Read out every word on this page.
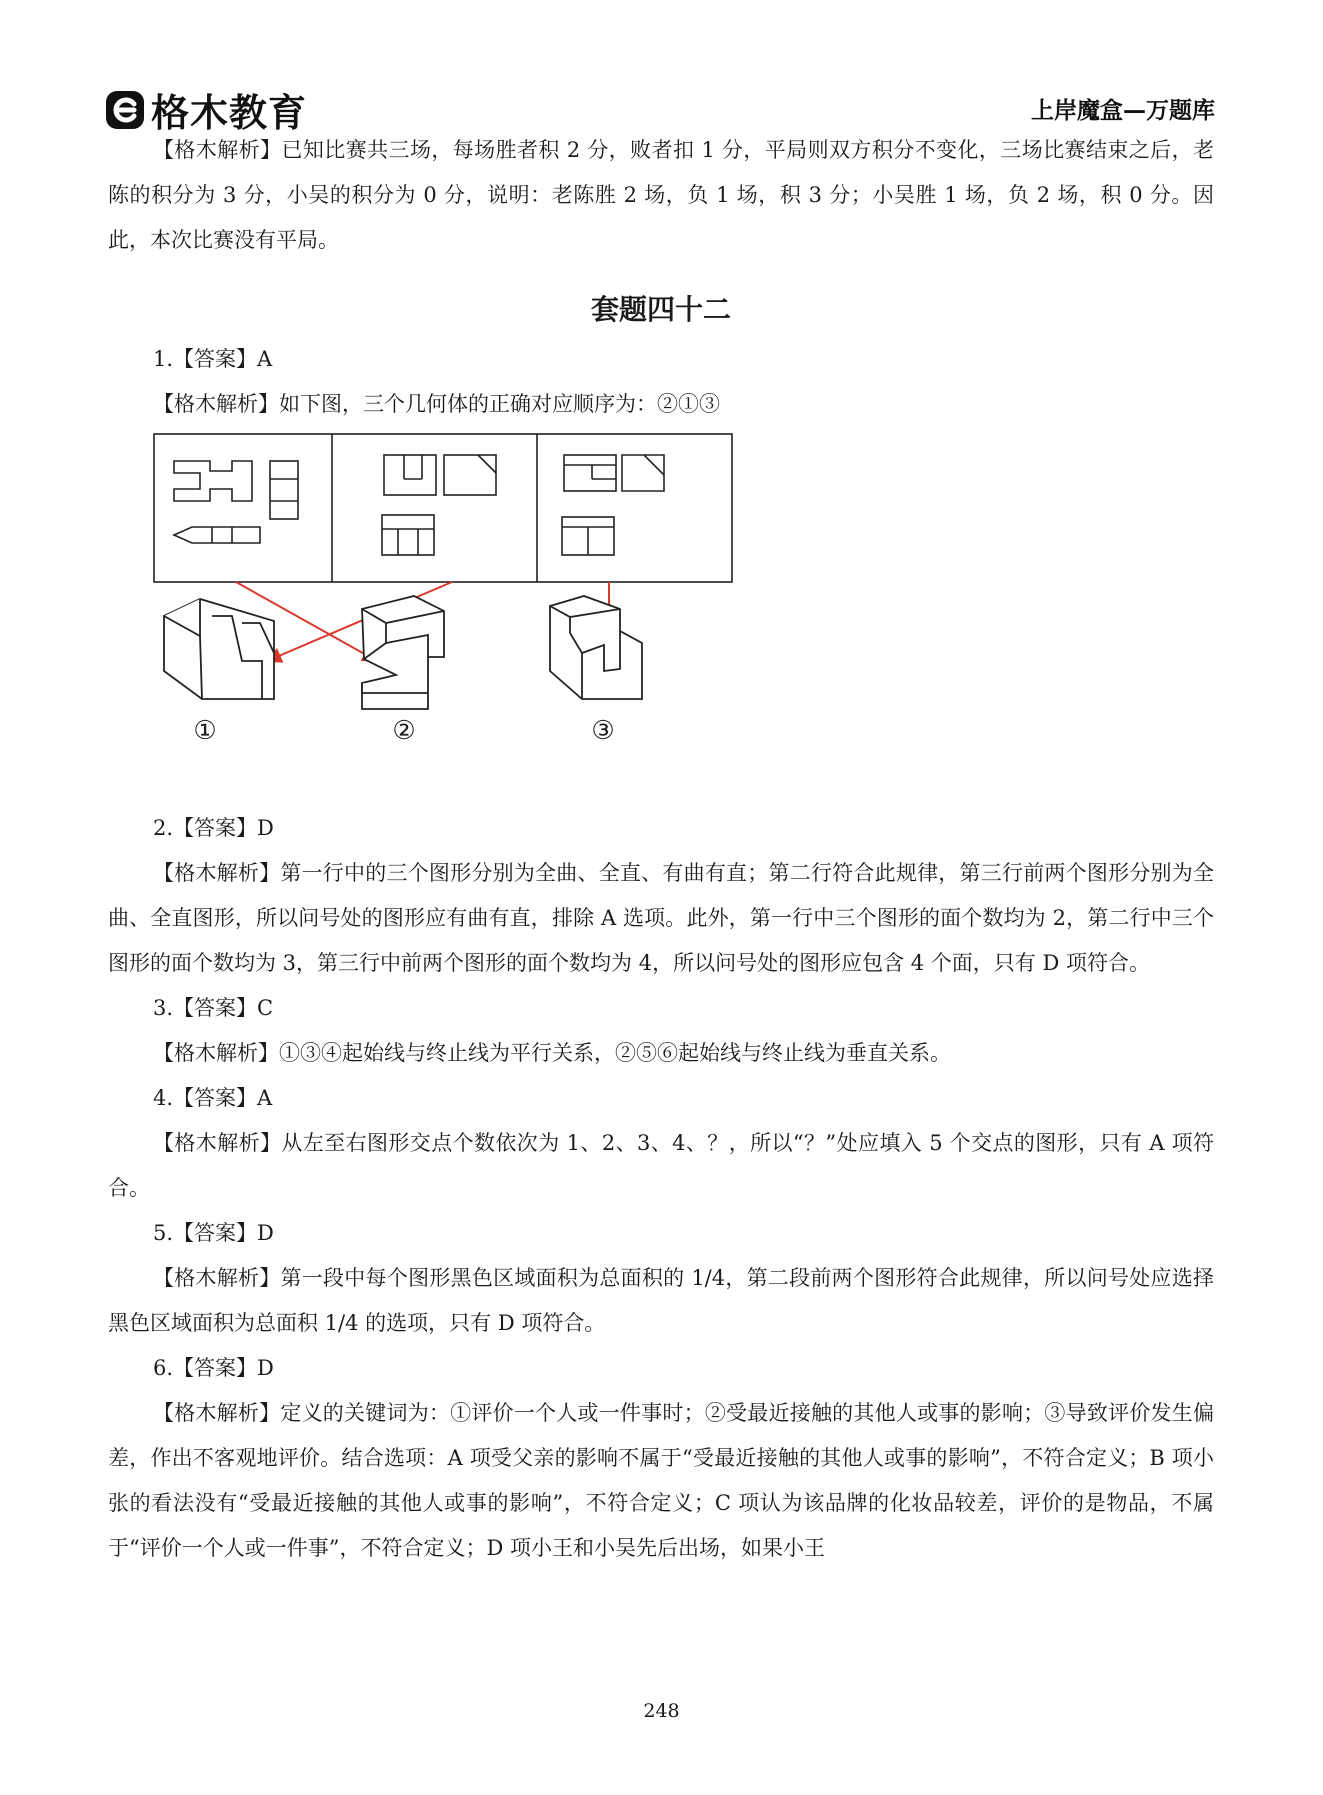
格木教育	上岸魔盒—万题库

【格木解析】已知比赛共三场，每场胜者积 2 分，败者扣 1 分，平局则双方积分不变化，三场比赛结束之后，老陈的积分为 3 分，小吴的积分为 0 分，说明：老陈胜 2 场，负 1 场，积 3 分；小吴胜 1 场，负 2 场，积 0 分。因此，本次比赛没有平局。

套题四十二

1.【答案】A

【格木解析】如下图，三个几何体的正确对应顺序为：②①③

①	②	③

2.【答案】D

【格木解析】第一行中的三个图形分别为全曲、全直、有曲有直；第二行符合此规律，第三行前两个图形分别为全曲、全直图形，所以问号处的图形应有曲有直，排除 A 选项。此外，第一行中三个图形的面个数均为 2，第二行中三个图形的面个数均为 3，第三行中前两个图形的面个数均为 4，所以问号处的图形应包含 4 个面，只有 D 项符合。

3.【答案】C

【格木解析】①③④起始线与终止线为平行关系，②⑤⑥起始线与终止线为垂直关系。

4.【答案】A

【格木解析】从左至右图形交点个数依次为 1、2、3、4、？，所以“？”处应填入 5 个交点的图形，只有 A 项符合。

5.【答案】D

【格木解析】第一段中每个图形黑色区域面积为总面积的 1/4，第二段前两个图形符合此规律，所以问号处应选择黑色区域面积为总面积 1/4 的选项，只有 D 项符合。

6.【答案】D

【格木解析】定义的关键词为：①评价一个人或一件事时；②受最近接触的其他人或事的影响；③导致评价发生偏差，作出不客观地评价。结合选项：A 项受父亲的影响不属于“受最近接触的其他人或事的影响”，不符合定义；B 项小张的看法没有“受最近接触的其他人或事的影响”，不符合定义；C 项认为该品牌的化妆品较差，评价的是物品，不属于“评价一个人或一件事”，不符合定义；D 项小王和小吴先后出场，如果小王

248
